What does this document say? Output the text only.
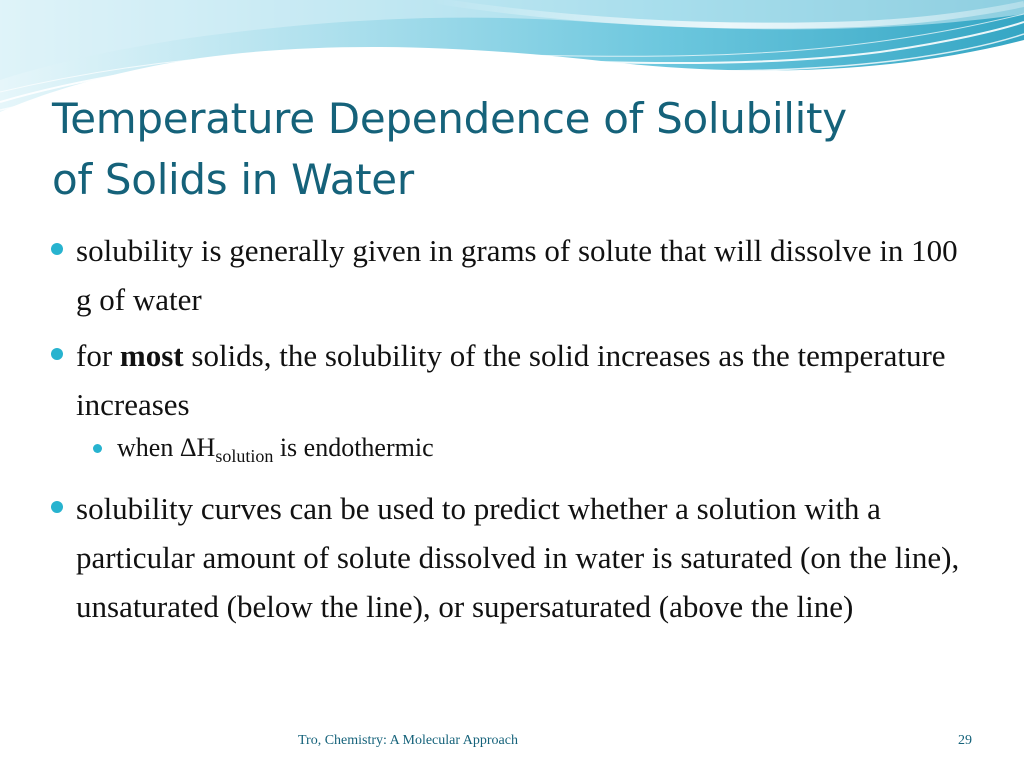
Temperature Dependence of Solubility
of Solids in Water
solubility is generally given in grams of solute that will dissolve in 100 g of water
for most solids, the solubility of the solid increases as the temperature increases
when $\Delta H_{solution}$ is endothermic
solubility curves can be used to predict whether a solution with a particular amount of solute dissolved in water is saturated (on the line), unsaturated (below the line), or supersaturated (above the line)
Tro, Chemistry: A Molecular Approach	29
